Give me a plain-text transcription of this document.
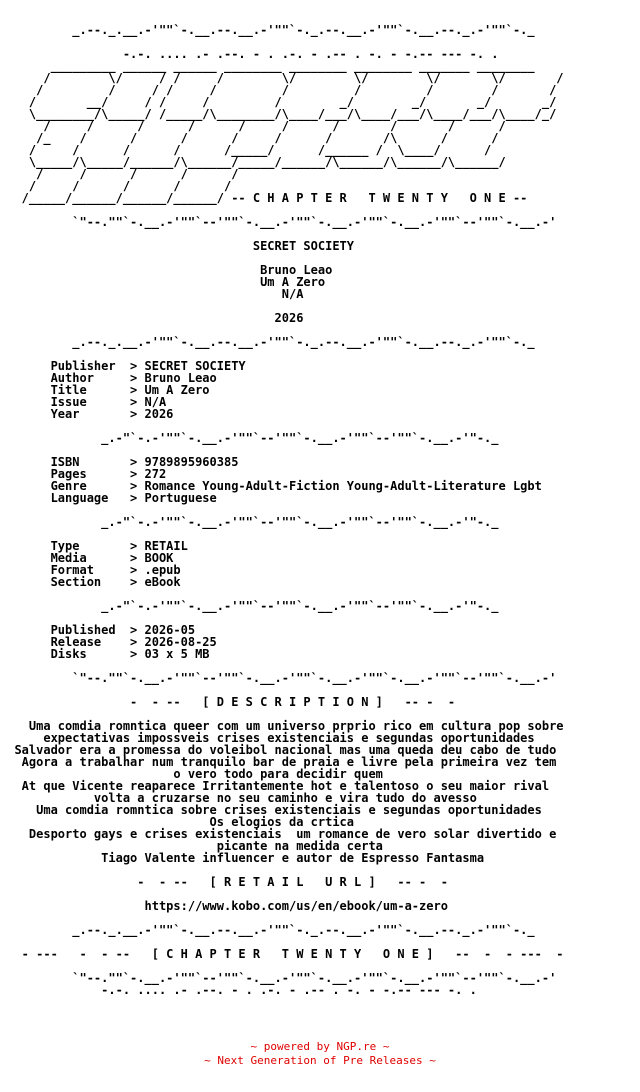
_.--._.__.-'""`-.__.--.__.-'""`-._.--.__.-'""`-.__.--._.-'""`-._
-.-. .... .- .--. - . .-. - .-- . -. - -.-- --- -. .
_________ ______ ______ ________ ________ ________ _______ ________
/        \/     / /     /        \/        \/        \/       \/       /
/         /     / /     /         /         /         /        /       /
/       __/     / /     /         /        _/        _/       _/       _/
\________/\_____/ /_____/\________/\____/___/\____/___/\____/___/\____/_/
/     /      /      /      /     /      /       /       /      /
/_    /      /      /      /     /      /       /\      /      /
/     /      /      /      /_____/      /______ /  \____/      /
\_____/\_____/______/\______/_____/______/\______/\______/\______/
/     /      /      /      /
/     /      /      /      /
/_____/______/______/______/ -- C H A P T E R   T W E N T Y   O N E --
`"--.""`-.__.-'""`--'""`-.__.-'""`-.__.-'""`-.__.-'""`--'""`-.__.-'
SECRET SOCIETY
Bruno Leao
Um A Zero
N/A
2026
_.--._.__.-'""`-.__.--.__.-'""`-._.--.__.-'""`-.__.--._.-'""`-._
Publisher  > SECRET SOCIETY
Author     > Bruno Leao
Title      > Um A Zero
Issue      > N/A
Year       > 2026
_.-"`-.-'""`-.__.-'""`--'""`-.__.-'""`--'""`-.__.-'"-._
ISBN       > 9789895960385
Pages      > 272
Genre      > Romance Young-Adult-Fiction Young-Adult-Literature Lgbt
Language   > Portuguese
_.-"`-.-'""`-.__.-'""`--'""`-.__.-'""`--'""`-.__.-'"-._
Type       > RETAIL
Media      > BOOK
Format     > .epub
Section    > eBook
_.-"`-.-'""`-.__.-'""`--'""`-.__.-'""`--'""`-.__.-'"-._
Published  > 2026-05
Release    > 2026-08-25
Disks      > 03 x 5 MB
`"--.""`-.__.-'""`--'""`-.__.-'""`-.__.-'""`-.__.-'""`--'""`-.__.-'
-  - --   [ D E S C R I P T I O N ]   -- -  -
Uma comdia romntica queer com um universo prprio rico em cultura pop sobre
expectativas impossveis crises existenciais e segundas oportunidades
Salvador era a promessa do voleibol nacional mas uma queda deu cabo de tudo
Agora a trabalhar num tranquilo bar de praia e livre pela primeira vez tem
o vero todo para decidir quem
At que Vicente reaparece Irritantemente hot e talentoso o seu maior rival
volta a cruzarse no seu caminho e vira tudo do avesso
Uma comdia romntica sobre crises existenciais e segundas oportunidades
Os elogios da crtica
Desporto gays e crises existenciais  um romance de vero solar divertido e
picante na medida certa
Tiago Valente influencer e autor de Espresso Fantasma
-  - --   [ R E T A I L   U R L ]   -- -  -
https://www.kobo.com/us/en/ebook/um-a-zero
_.--._.__.-'""`-.__.--.__.-'""`-._.--.__.-'""`-.__.--._.-'""`-._
- ---   -  - --   [ C H A P T E R   T W E N T Y   O N E ]   --  -  - ---  -
`"--.""`-.__.-'""`--'""`-.__.-'""`-.__.-'""`-.__.-'""`--'""`-.__.-'
-.-. .... .- .--. - . .-. - .-- . -. - -.-- --- -. .
~ powered by NGP.re ~
~ Next Generation of Pre Releases ~
